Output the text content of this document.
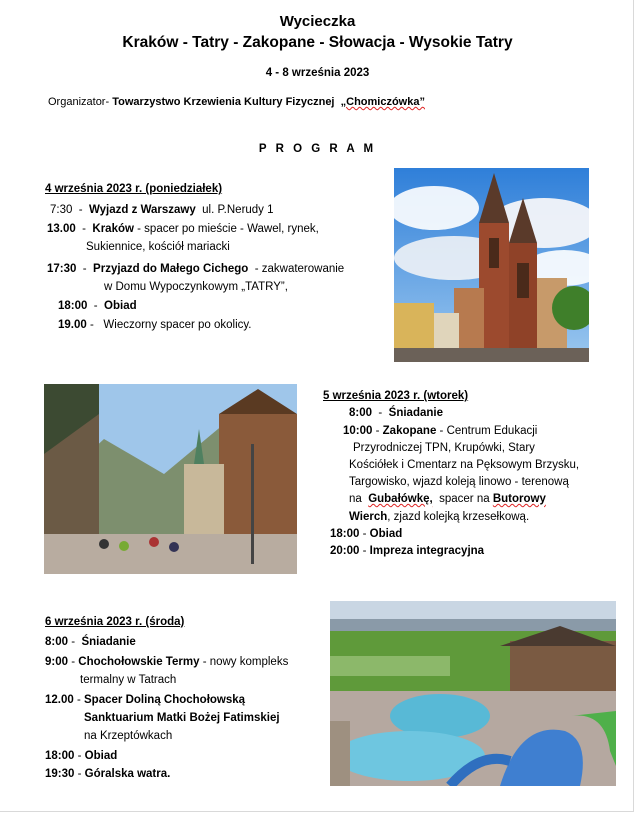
Wycieczka
Kraków - Tatry - Zakopane - Słowacja - Wysokie Tatry
4 - 8 września 2023
Organizator- Towarzystwo Krzewienia Kultury Fizycznej „Chomiczówka”
P R O G R A M
4 września 2023 r. (poniedziałek)
7:30  -  Wyjazd z Warszawy ul. P.Nerudy 1
13.00  -  Kraków - spacer po mieście - Wawel, rynek,
Sukiennice, kościół mariacki
17:30  -  Przyjazd do Małego Cichego - zakwaterowanie
w Domu Wypoczynkowym „TATRY”,
18:00  -  Obiad
19.00 -   Wieczorny spacer po okolicy.
5 września 2023 r. (wtorek)
8:00  -  Śniadanie
10:00 - Zakopane - Centrum Edukacji
Przyrodniczej TPN, Krupówki, Stary
Kościółek i Cmentarz na Pęksowym Brzysku,
Targowisko, wjazd koleją linowo - terenową
na Gubałówkę, spacer na Butorowy
Wierch, zjazd kolejką krzesełkową.
18:00 - Obiad
20:00 - Impreza integracyjna
6 września 2023 r. (środa)
8:00 -  Śniadanie
9:00 - Chochołowskie Termy - nowy kompleks
termalny w Tatrach
12.00 - Spacer Doliną Chochołowską
Sanktuarium Matki Bożej Fatimskiej
na Krzeptówkach
18:00 - Obiad
19:30 - Góralska watra.
